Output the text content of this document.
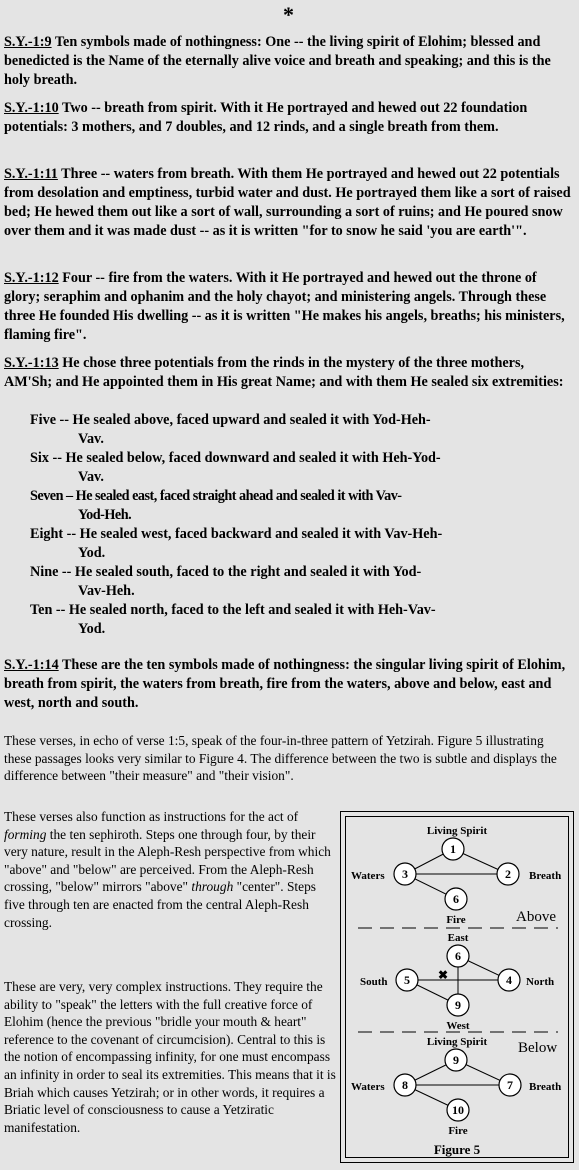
*
S.Y.-1:9 Ten symbols made of nothingness: One -- the living spirit of Elohim; blessed and benedicted is the Name of the eternally alive voice and breath and speaking; and this is the holy breath.
S.Y.-1:10 Two -- breath from spirit. With it He portrayed and hewed out 22 foundation potentials: 3 mothers, and 7 doubles, and 12 rinds, and a single breath from them.
S.Y.-1:11 Three -- waters from breath. With them He portrayed and hewed out 22 potentials from desolation and emptiness, turbid water and dust. He portrayed them like a sort of raised bed; He hewed them out like a sort of wall, surrounding a sort of ruins; and He poured snow over them and it was made dust -- as it is written "for to snow he said 'you are earth'".
S.Y.-1:12 Four -- fire from the waters. With it He portrayed and hewed out the throne of glory; seraphim and ophanim and the holy chayot; and ministering angels. Through these three He founded His dwelling -- as it is written "He makes his angels, breaths; his ministers, flaming fire".
S.Y.-1:13 He chose three potentials from the rinds in the mystery of the three mothers, AM'Sh; and He appointed them in His great Name; and with them He sealed six extremities:
Five -- He sealed above, faced upward and sealed it with Yod-Heh-
Vav.
Six -- He sealed below, faced downward and sealed it with Heh-Yod-
Vav.
Seven – He sealed east, faced straight ahead and sealed it with Vav-
Yod-Heh.
Eight -- He sealed west, faced backward and sealed it with Vav-Heh-
Yod.
Nine -- He sealed south, faced to the right and sealed it with Yod-
Vav-Heh.
Ten -- He sealed north, faced to the left and sealed it with Heh-Vav-
Yod.
S.Y.-1:14 These are the ten symbols made of nothingness: the singular living spirit of Elohim, breath from spirit, the waters from breath, fire from the waters, above and below, east and west, north and south.
These verses, in echo of verse 1:5, speak of the four-in-three pattern of Yetzirah. Figure 5 illustrating these passages looks very similar to Figure 4. The difference between the two is subtle and displays the difference between "their measure" and "their vision".
These verses also function as instructions for the act of forming the ten sephiroth. Steps one through four, by their very nature, result in the Aleph-Resh perspective from which "above" and "below" are perceived. From the Aleph-Resh crossing, "below" mirrors "above" through "center". Steps five through ten are enacted from the central Aleph-Resh crossing.
These are very, very complex instructions. They require the ability to "speak" the letters with the full creative force of Elohim (hence the previous "bridle your mouth & heart" reference to the covenant of circumcision). Central to this is the notion of encompassing infinity, for one must encompass an infinity in order to seal its extremities. This means that it is Briah which causes Yetzirah; or in other words, it requires a Briatic level of consciousness to cause a Yetziratic manifestation.
✖
1
2
3
6
6
5	4
9
9
8	7
10
Living Spirit
Waters	Breath
Fire
East
South	North
West
Living Spirit
Waters	Breath
Fire
Above
Below
Figure 5
